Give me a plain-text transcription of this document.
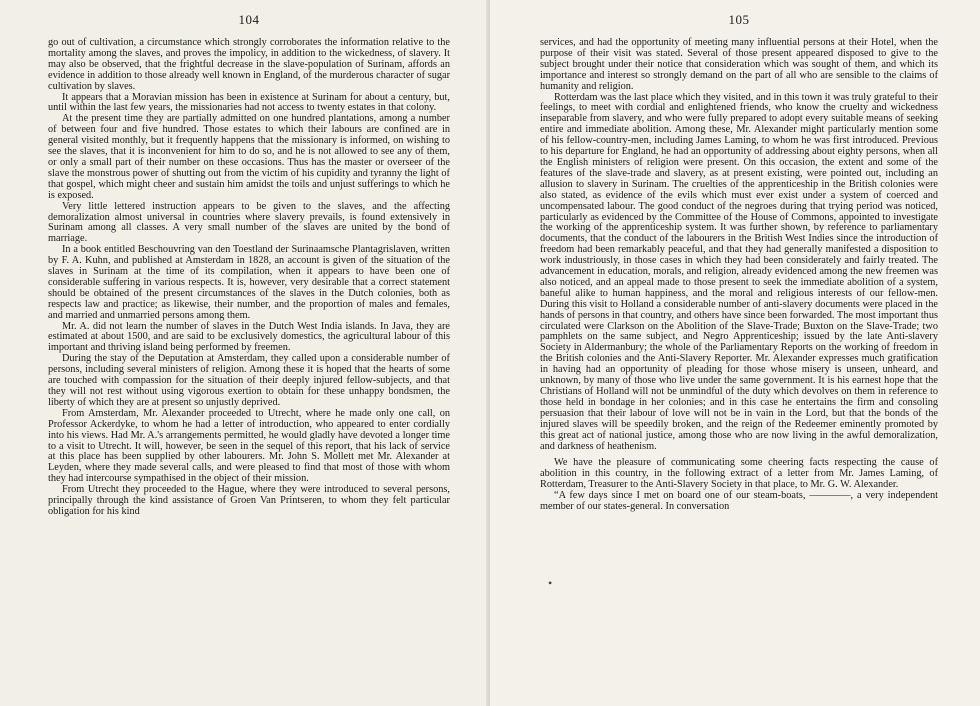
104

go out of cultivation, a circumstance which strongly corroborates the information relative to the mortality among the slaves, and proves the impolicy, in addition to the wickedness, of slavery. It may also be observed, that the frightful decrease in the slave-population of Surinam, affords an evidence in addition to those already well known in England, of the murderous character of sugar cultivation by slaves.

It appears that a Moravian mission has been in existence at Surinam for about a century, but, until within the last few years, the missionaries had not access to twenty estates in that colony.

At the present time they are partially admitted on one hundred plantations, among a number of between four and five hundred. Those estates to which their labours are confined are in general visited monthly, but it frequently happens that the missionary is informed, on wishing to see the slaves, that it is inconvenient for him to do so, and he is not allowed to see any of them, or only a small part of their number on these occasions. Thus has the master or overseer of the slave the monstrous power of shutting out from the victim of his cupidity and tyranny the light of that gospel, which might cheer and sustain him amidst the toils and unjust sufferings to which he is exposed.

Very little lettered instruction appears to be given to the slaves, and the affecting demoralization almost universal in countries where slavery prevails, is found extensively in Surinam among all classes. A very small number of the slaves are united by the bond of marriage.

In a book entitled Beschouvring van den Toestland der Surinaamsche Plantagrislaven, written by F. A. Kuhn, and published at Amsterdam in 1828, an account is given of the situation of the slaves in Surinam at the time of its compilation, when it appears to have been one of considerable suffering in various respects. It is, however, very desirable that a correct statement should be obtained of the present circumstances of the slaves in the Dutch colonies, both as respects law and practice; as likewise, their number, and the proportion of males and females, and married and unmarried persons among them.

Mr. A. did not learn the number of slaves in the Dutch West India islands. In Java, they are estimated at about 1500, and are said to be exclusively domestics, the agricultural labour of this important and thriving island being performed by freemen.

During the stay of the Deputation at Amsterdam, they called upon a considerable number of persons, including several ministers of religion. Among these it is hoped that the hearts of some are touched with compassion for the situation of their deeply injured fellow-subjects, and that they will not rest without using vigorous exertion to obtain for these unhappy bondsmen, the liberty of which they are at present so unjustly deprived.

From Amsterdam, Mr. Alexander proceeded to Utrecht, where he made only one call, on Professor Ackerdyke, to whom he had a letter of introduction, who appeared to enter cordially into his views. Had Mr. A.'s arrangements permitted, he would gladly have devoted a longer time to a visit to Utrecht. It will, however, be seen in the sequel of this report, that his lack of service at this place has been supplied by other labourers. Mr. John S. Mollett met Mr. Alexander at Leyden, where they made several calls, and were pleased to find that most of those with whom they had intercourse sympathised in the object of their mission.

From Utrecht they proceeded to the Hague, where they were introduced to several persons, principally through the kind assistance of Groen Van Printseren, to whom they felt particular obligation for his kind

105

services, and had the opportunity of meeting many influential persons at their Hotel, when the purpose of their visit was stated. Several of those present appeared disposed to give to the subject brought under their notice that consideration which was sought of them, and which its importance and interest so strongly demand on the part of all who are sensible to the claims of humanity and religion.

Rotterdam was the last place which they visited, and in this town it was truly grateful to their feelings, to meet with cordial and enlightened friends, who know the cruelty and wickedness inseparable from slavery, and who were fully prepared to adopt every suitable means of seeking entire and immediate abolition. Among these, Mr. Alexander might particularly mention some of his fellow-country-men, including James Laming, to whom he was first introduced. Previous to his departure for England, he had an opportunity of addressing about eighty persons, when all the English ministers of religion were present. On this occasion, the extent and some of the features of the slave-trade and slavery, as at present existing, were pointed out, including an allusion to slavery in Surinam. The cruelties of the apprenticeship in the British colonies were also stated, as evidence of the evils which must ever exist under a system of coerced and uncompensated labour. The good conduct of the negroes during that trying period was noticed, particularly as evidenced by the Committee of the House of Commons, appointed to investigate the working of the apprenticeship system. It was further shown, by reference to parliamentary documents, that the conduct of the labourers in the British West Indies since the introduction of freedom had been remarkably peaceful, and that they had generally manifested a disposition to work industriously, in those cases in which they had been considerately and fairly treated. The advancement in education, morals, and religion, already evidenced among the new freemen was also noticed, and an appeal made to those present to seek the immediate abolition of a system, baneful alike to human happiness, and the moral and religious interests of our fellow-men. During this visit to Holland a considerable number of anti-slavery documents were placed in the hands of persons in that country, and others have since been forwarded. The most important thus circulated were Clarkson on the Abolition of the Slave-Trade; Buxton on the Slave-Trade; two pamphlets on the same subject, and Negro Apprenticeship; issued by the late Anti-slavery Society in Aldermanbury; the whole of the Parliamentary Reports on the working of freedom in the British colonies and the Anti-Slavery Reporter. Mr. Alexander expresses much gratification in having had an opportunity of pleading for those whose misery is unseen, unheard, and unknown, by many of those who live under the same government. It is his earnest hope that the Christians of Holland will not be unmindful of the duty which devolves on them in reference to those held in bondage in her colonies; and in this case he entertains the firm and consoling persuasion that their labour of love will not be in vain in the Lord, but that the bonds of the injured slaves will be speedily broken, and the reign of the Redeemer eminently promoted by this great act of national justice, among those who are now living in the awful demoralization, and darkness of heathenism.

We have the pleasure of communicating some cheering facts respecting the cause of abolition in this country, in the following extract of a letter from Mr. James Laming, of Rotterdam, Treasurer to the Anti-Slavery Society in that place, to Mr. G. W. Alexander.

“A few days since I met on board one of our steam-boats, ————, a very independent member of our states-general. In conversation

•
